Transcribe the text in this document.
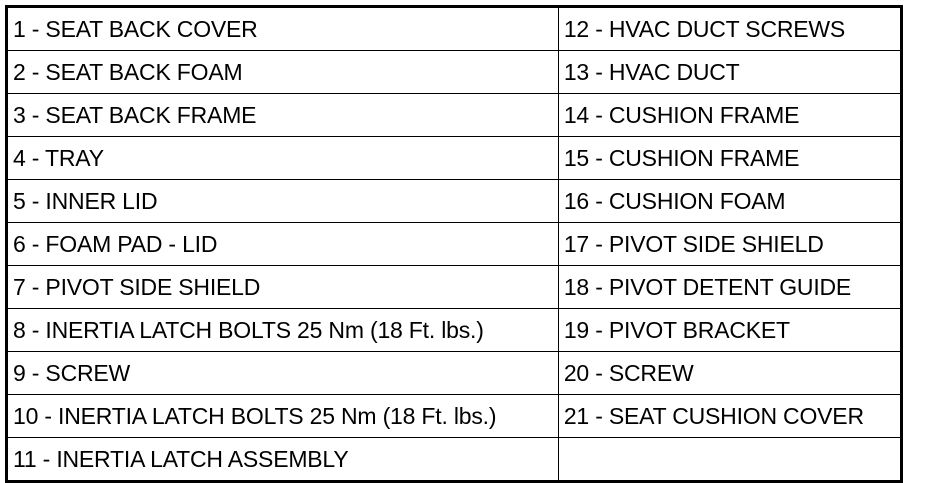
1 - SEAT BACK COVER	12 - HVAC DUCT SCREWS
2 - SEAT BACK FOAM	13 - HVAC DUCT
3 - SEAT BACK FRAME	14 - CUSHION FRAME
4 - TRAY	15 - CUSHION FRAME
5 - INNER LID	16 - CUSHION FOAM
6 - FOAM PAD - LID	17 - PIVOT SIDE SHIELD
7 - PIVOT SIDE SHIELD	18 - PIVOT DETENT GUIDE
8 - INERTIA LATCH BOLTS 25 Nm (18 Ft. lbs.)	19 - PIVOT BRACKET
9 - SCREW	20 - SCREW
10 - INERTIA LATCH BOLTS 25 Nm (18 Ft. lbs.)	21 - SEAT CUSHION COVER
11 - INERTIA LATCH ASSEMBLY	
